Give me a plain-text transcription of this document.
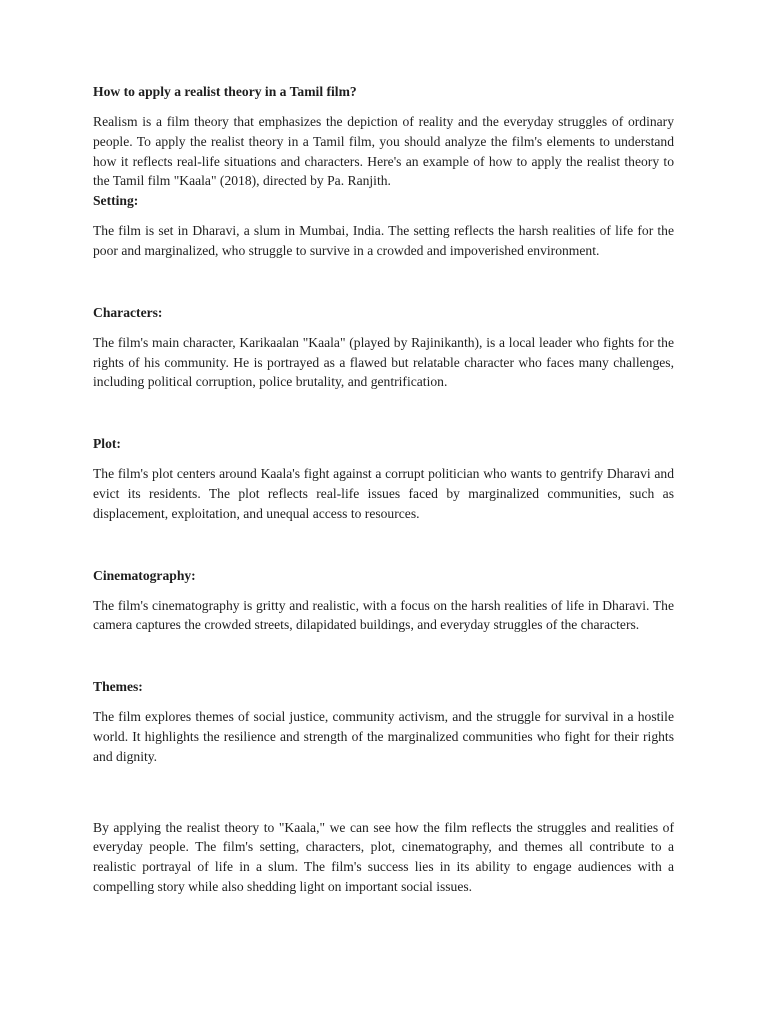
How to apply a realist theory in a Tamil film?

Realism is a film theory that emphasizes the depiction of reality and the everyday struggles of ordinary people. To apply the realist theory in a Tamil film, you should analyze the film's elements to understand how it reflects real-life situations and characters. Here's an example of how to apply the realist theory to the Tamil film "Kaala" (2018), directed by Pa. Ranjith.

Setting:

The film is set in Dharavi, a slum in Mumbai, India. The setting reflects the harsh realities of life for the poor and marginalized, who struggle to survive in a crowded and impoverished environment.

Characters:

The film's main character, Karikaalan "Kaala" (played by Rajinikanth), is a local leader who fights for the rights of his community. He is portrayed as a flawed but relatable character who faces many challenges, including political corruption, police brutality, and gentrification.

Plot:

The film's plot centers around Kaala's fight against a corrupt politician who wants to gentrify Dharavi and evict its residents. The plot reflects real-life issues faced by marginalized communities, such as displacement, exploitation, and unequal access to resources.

Cinematography:

The film's cinematography is gritty and realistic, with a focus on the harsh realities of life in Dharavi. The camera captures the crowded streets, dilapidated buildings, and everyday struggles of the characters.

Themes:

The film explores themes of social justice, community activism, and the struggle for survival in a hostile world. It highlights the resilience and strength of the marginalized communities who fight for their rights and dignity.

By applying the realist theory to "Kaala," we can see how the film reflects the struggles and realities of everyday people. The film's setting, characters, plot, cinematography, and themes all contribute to a realistic portrayal of life in a slum. The film's success lies in its ability to engage audiences with a compelling story while also shedding light on important social issues.
